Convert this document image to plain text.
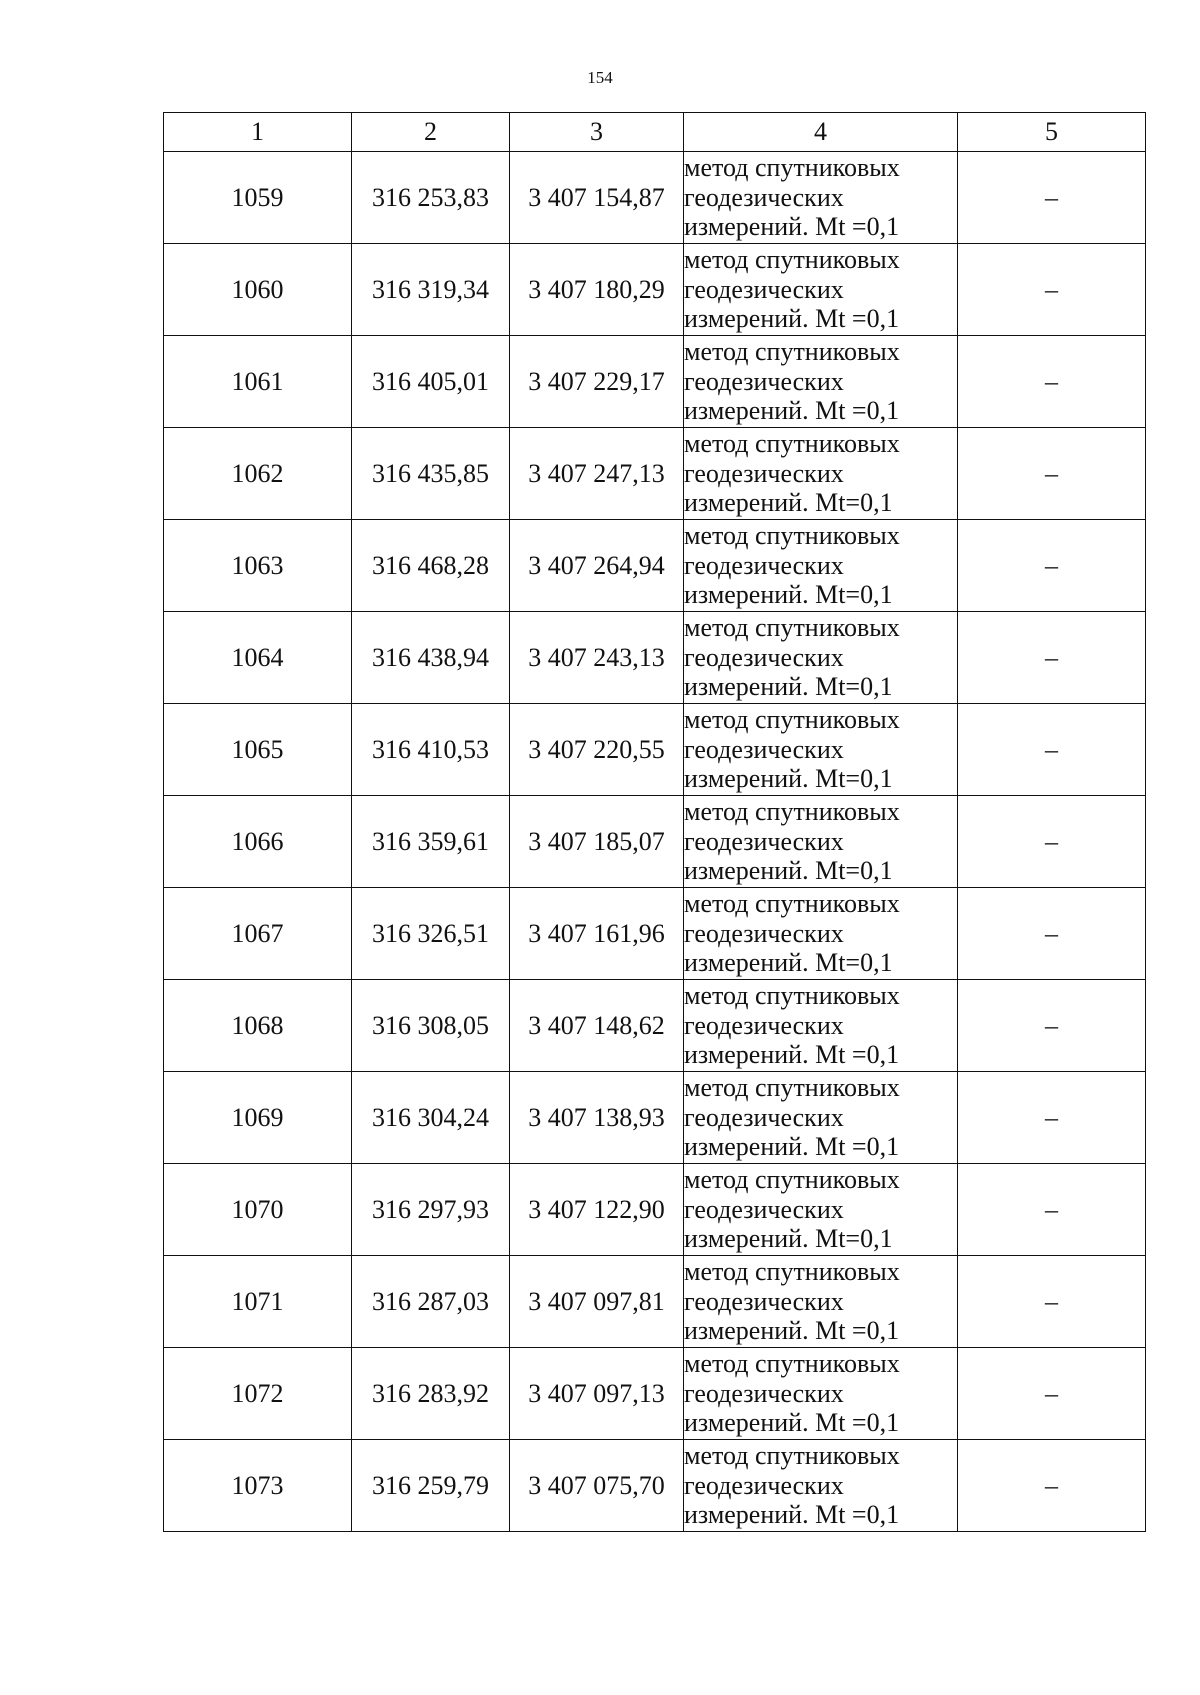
154
1	2	3	4	5
1059	316 253,83	3 407 154,87	метод спутниковых
геодезических
измерений. Mt =0,1	–
1060	316 319,34	3 407 180,29	метод спутниковых
геодезических
измерений. Mt =0,1	–
1061	316 405,01	3 407 229,17	метод спутниковых
геодезических
измерений. Mt =0,1	–
1062	316 435,85	3 407 247,13	метод спутниковых
геодезических
измерений. Mt=0,1	–
1063	316 468,28	3 407 264,94	метод спутниковых
геодезических
измерений. Mt=0,1	–
1064	316 438,94	3 407 243,13	метод спутниковых
геодезических
измерений. Mt=0,1	–
1065	316 410,53	3 407 220,55	метод спутниковых
геодезических
измерений. Mt=0,1	–
1066	316 359,61	3 407 185,07	метод спутниковых
геодезических
измерений. Mt=0,1	–
1067	316 326,51	3 407 161,96	метод спутниковых
геодезических
измерений. Mt=0,1	–
1068	316 308,05	3 407 148,62	метод спутниковых
геодезических
измерений. Mt =0,1	–
1069	316 304,24	3 407 138,93	метод спутниковых
геодезических
измерений. Mt =0,1	–
1070	316 297,93	3 407 122,90	метод спутниковых
геодезических
измерений. Mt=0,1	–
1071	316 287,03	3 407 097,81	метод спутниковых
геодезических
измерений. Mt =0,1	–
1072	316 283,92	3 407 097,13	метод спутниковых
геодезических
измерений. Mt =0,1	–
1073	316 259,79	3 407 075,70	метод спутниковых
геодезических
измерений. Mt =0,1	–
